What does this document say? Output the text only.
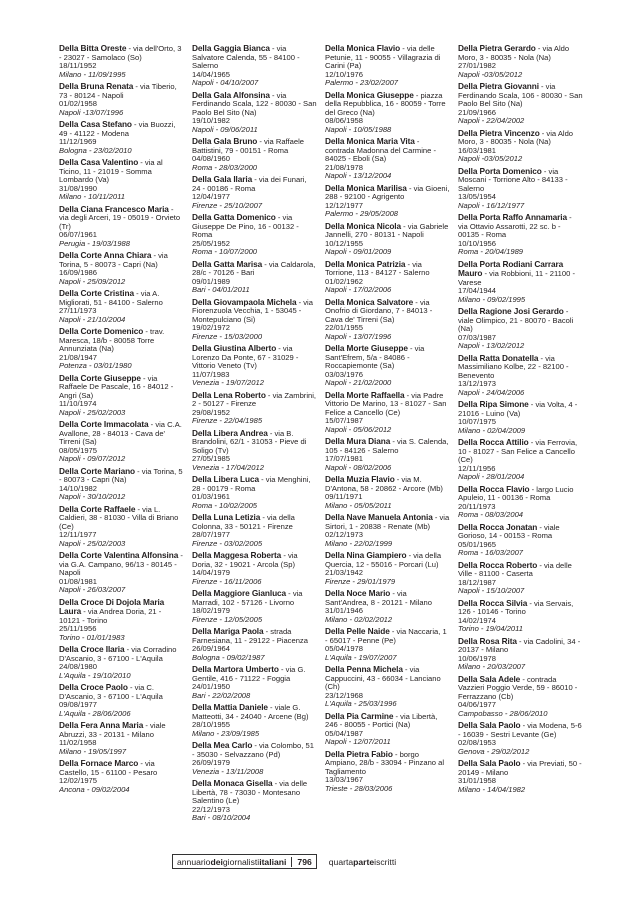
Della Bitta Oreste - via dell'Orto, 3 - 23027 - Samolaco (So)
18/11/1952
Milano - 11/09/1995
Della Bruna Renata - via Tiberio, 73 - 80124 - Napoli
01/02/1958
Napoli -13/07/1996
Della Casa Stefano - via Buozzi, 49 - 41122 - Modena
11/12/1969
Bologna - 23/02/2010
Della Casa Valentino - via al Ticino, 11 - 21019 - Somma Lombardo (Va)
31/08/1990
Milano - 10/11/2011
Della Ciana Francesco Maria - via degli Arceri, 19 - 05019 - Orvieto (Tr)
06/07/1961
Perugia - 19/03/1988
Della Corte Anna Chiara - via Torina, 5 - 80073 - Capri (Na)
16/09/1986
Napoli - 25/09/2012
Della Corte Cristina - via A. Migliorati, 51 - 84100 - Salerno
27/11/1973
Napoli - 21/10/2004
Della Corte Domenico - trav. Maresca, 18/b - 80058 Torre Annunziata (Na)
21/08/1947
Potenza - 03/01/1980
Della Corte Giuseppe - via Raffaele De Pascale, 16 - 84012 - Angri (Sa)
11/10/1974
Napoli - 25/02/2003
Della Corte Immacolata - via C.A. Avallone, 28 - 84013 - Cava de' Tirreni (Sa)
08/05/1975
Napoli - 09/07/2012
Della Corte Mariano - via Torina, 5 - 80073 - Capri (Na)
14/10/1982
Napoli - 30/10/2012
Della Corte Raffaele - via L. Caldieri, 38 - 81030 - Villa di Briano (Ce)
12/11/1977
Napoli - 25/02/2003
Della Corte Valentina Alfonsina - via G.A. Campano, 96/13 - 80145 - Napoli
01/08/1981
Napoli - 26/03/2007
Della Croce Di Dojola Maria Laura - via Andrea Doria, 21 - 10121 - Torino
25/11/1956
Torino - 01/01/1983
Della Croce Ilaria - via Corradino D'Ascanio, 3 - 67100 - L'Aquila
24/08/1980
L'Aquila - 19/10/2010
Della Croce Paolo - via C. D'Ascanio, 3 - 67100 - L'Aquila
09/08/1977
L'Aquila - 28/06/2006
Della Fera Anna Maria - viale Abruzzi, 33 - 20131 - Milano
11/02/1958
Milano - 19/05/1997
Della Fornace Marco - via Castello, 15 - 61100 - Pesaro
12/02/1975
Ancona - 09/02/2004
Della Gaggia Bianca - via Salvatore Calenda, 55 - 84100 - Salerno
14/04/1965
Napoli - 04/10/2007
Della Gala Alfonsina - via Ferdinando Scala, 122 - 80030 - San Paolo Bel Sito (Na)
19/10/1982
Napoli - 09/06/2011
Della Gala Bruno - via Raffaele Battistini, 79 - 00151 - Roma
04/08/1960
Roma - 28/03/2000
Della Gala Ilaria - via dei Funari, 24 - 00186 - Roma
12/04/1977
Firenze - 25/10/2007
Della Gatta Domenico - via Giuseppe De Pino, 16 - 00132 - Roma
25/05/1952
Roma - 10/07/2000
Della Gatta Marisa - via Caldarola, 28/c - 70126 - Bari
09/01/1989
Bari - 04/01/2011
Della Giovampaola Michela - via Fiorenzuola Vecchia, 1 - 53045 - Montepulciano (Si)
19/02/1972
Firenze - 15/03/2000
Della Giustina Alberto - via Lorenzo Da Ponte, 67 - 31029 - Vittorio Veneto (Tv)
11/07/1983
Venezia - 19/07/2012
Della Lena Roberto - via Zambrini, 2 - 50127 - Firenze
29/08/1952
Firenze - 22/04/1985
Della Libera Andrea - via B. Brandolini, 62/1 - 31053 - Pieve di Soligo (Tv)
27/05/1985
Venezia - 17/04/2012
Della Libera Luca - via Menghini, 28 - 00179 - Roma
01/03/1961
Roma - 10/02/2005
Della Luna Letizia - via della Colonna, 33 - 50121 - Firenze
28/07/1977
Firenze - 03/02/2005
Della Maggesa Roberta - via Doria, 32 - 19021 - Arcola (Sp)
14/04/1979
Firenze - 16/11/2006
Della Maggiore Gianluca - via Marradi, 102 - 57126 - Livorno
18/02/1979
Firenze - 12/05/2005
Della Mariga Paola - strada Farnesiana, 11 - 29122 - Piacenza
26/09/1964
Bologna - 09/02/1987
Della Martora Umberto - via G. Gentile, 416 - 71122 - Foggia
24/01/1950
Bari - 22/02/2008
Della Mattia Daniele - viale G. Matteotti, 34 - 24040 - Arcene (Bg)
28/10/1955
Milano - 23/09/1985
Della Mea Carlo - via Colombo, 51 - 35030 - Selvazzano (Pd)
26/09/1979
Venezia - 13/11/2008
Della Monaca Gisella - via delle Libertà, 78 - 73030 - Montesano Salentino (Le)
22/12/1973
Bari - 08/10/2004
Della Monica Flavio - via delle Petunie, 11 - 90055 - Villagrazia di Carini (Pa)
12/10/1976
Palermo - 23/02/2007
Della Monica Giuseppe - piazza della Repubblica, 16 - 80059 - Torre del Greco (Na)
08/06/1958
Napoli - 10/05/1988
Della Monica Maria Vita - contrada Madonna del Carmine - 84025 - Eboli (Sa)
21/08/1978
Napoli - 13/12/2004
Della Monica Marilisa - via Gioeni, 288 - 92100 - Agrigento
12/12/1977
Palermo - 29/05/2008
Della Monica Nicola - via Gabriele Jannelli, 270 - 80131 - Napoli
10/12/1955
Napoli - 09/01/2009
Della Monica Patrizia - via Torrione, 113 - 84127 - Salerno
01/02/1962
Napoli - 17/02/2006
Della Monica Salvatore - via Onofrio di Giordano, 7 - 84013 - Cava de' Tirreni (Sa)
22/01/1955
Napoli - 13/07/1996
Della Morte Giuseppe - via Sant'Efrem, 5/a - 84086 - Roccapiemonte (Sa)
03/03/1976
Napoli - 21/02/2000
Della Morte Raffaella - via Padre Vittorio De Marino, 13 - 81027 - San Felice a Cancello (Ce)
15/07/1987
Napoli - 05/06/2012
Della Mura Diana - via S. Calenda, 105 - 84126 - Salerno
17/07/1981
Napoli - 08/02/2006
Della Muzia Flavio - via M. D'Antona, 58 - 20862 - Arcore (Mb)
09/11/1971
Milano - 05/05/2011
Della Nave Manuela Antonia - via Sirtori, 1 - 20838 - Renate (Mb)
02/12/1973
Milano - 22/02/1999
Della Nina Giampiero - via della Quercia, 12 - 55016 - Porcari (Lu)
21/03/1942
Firenze - 29/01/1979
Della Noce Mario - via Sant'Andrea, 8 - 20121 - Milano
31/01/1946
Milano - 02/02/2012
Della Pelle Naide - via Naccaria, 1 - 65017 - Penne (Pe)
05/04/1978
L'Aquila - 19/07/2007
Della Penna Michela - via Cappuccini, 43 - 66034 - Lanciano (Ch)
23/12/1968
L'Aquila - 25/03/1996
Della Pia Carmine - via Libertà, 246 - 80055 - Portici (Na)
05/04/1987
Napoli - 12/07/2011
Della Pietra Fabio - borgo Ampiano, 28/b - 33094 - Pinzano al Tagliamento
13/03/1967
Trieste - 28/03/2006
Della Pietra Gerardo - via Aldo Moro, 3 - 80035 - Nola (Na)
27/01/1982
Napoli -03/05/2012
Della Pietra Giovanni - via Ferdinando Scala, 106 - 80030 - San Paolo Bel Sito (Na)
21/09/1966
Napoli - 22/04/2002
Della Pietra Vincenzo - via Aldo Moro, 3 - 80035 - Nola (Na)
16/03/1981
Napoli -03/05/2012
Della Porta Domenico - via Moscani - Torrione Alto - 84133 - Salerno
13/05/1954
Napoli - 16/12/1977
Della Porta Raffo Annamaria - via Ottavio Assarotti, 22 sc. b - 00135 - Roma
10/10/1956
Roma - 20/04/1989
Della Porta Rodiani Carrara Mauro - via Robbioni, 11 - 21100 - Varese
17/04/1944
Milano - 09/02/1995
Della Ragione Josi Gerardo - viale Olimpico, 21 - 80070 - Bacoli (Na)
07/03/1987
Napoli - 13/02/2012
Della Ratta Donatella - via Massimiliano Kolbe, 22 - 82100 - Benevento
13/12/1973
Napoli - 24/04/2006
Della Ripa Simone - via Volta, 4 - 21016 - Luino (Va)
10/07/1975
Milano - 02/04/2009
Della Rocca Attilio - via Ferrovia, 10 - 81027 - San Felice a Cancello (Ce)
12/11/1956
Napoli - 28/01/2004
Della Rocca Flavio - largo Lucio Apuleio, 11 - 00136 - Roma
20/11/1973
Roma - 08/03/2004
Della Rocca Jonatan - viale Gorioso, 14 - 00153 - Roma
05/01/1965
Roma - 16/03/2007
Della Rocca Roberto - via delle Ville - 81100 - Caserta
18/12/1987
Napoli - 15/10/2007
Della Rocca Silvia - via Servais, 126 - 10146 - Torino
14/02/1974
Torino - 19/04/2011
Della Rosa Rita - via Cadolini, 34 - 20137 - Milano
10/06/1978
Milano - 20/03/2007
Della Sala Adele - contrada Vazzieri Poggio Verde, 59 - 86010 - Ferrazzano (Cb)
04/06/1977
Campobasso - 28/06/2010
Della Sala Paolo - via Modena, 5-6 - 16039 - Sestri Levante (Ge)
02/08/1953
Genova - 29/02/2012
Della Sala Paolo - via Previati, 50 - 20149 - Milano
31/01/1958
Milano - 14/04/1982
annuario dei giornalisti italiani 796 quartaparteiscritti
